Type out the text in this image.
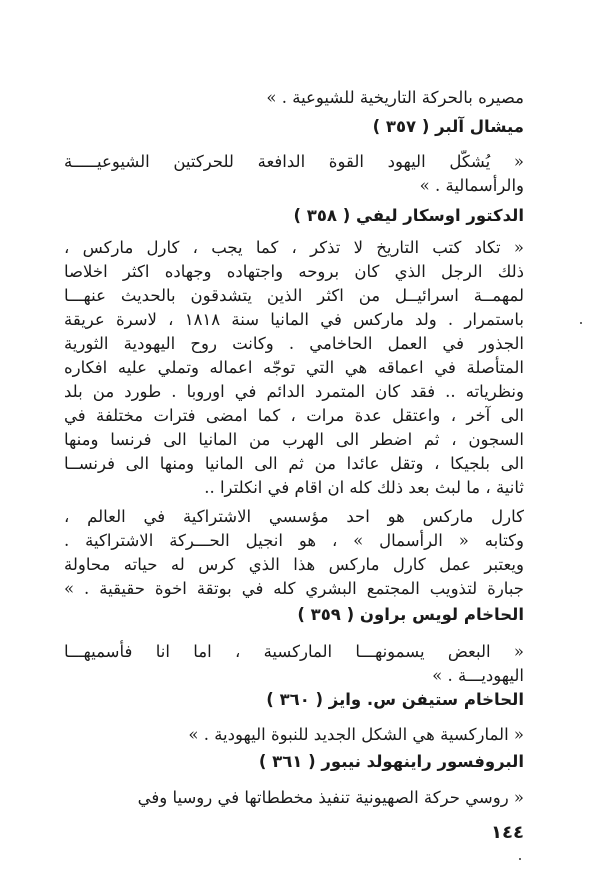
مصيره بالحركة التاريخية للشيوعية . »
ميشال آلبر ( ٣٥٧ )
« يُشكّل اليهود القوة الدافعة للحركتين الشيوعيـــــة
والرأسمالية . »
الدكتور اوسكار ليفي ( ٣٥٨ )
« تكاد كتب التاريخ لا تذكر ، كما يجب ، كارل ماركس ،
ذلك الرجل الذي كان بروحه واجتهاده وجهاده اكثر اخلاصا
لمهمــة اسرائيــل من اكثر الذين يتشدقون بالحديث عنهـــا
باستمرار . ولد ماركس في المانيا سنة ١٨١٨ ، لاسرة عريقة
الجذور في العمل الحاخامي . وكانت روح اليهودية الثورية
المتأصلة في اعماقه هي التي توجّه اعماله وتملي عليه افكاره
ونظرياته .. فقد كان المتمرد الدائم في اوروبا . طورد من بلد
الى آخر ، واعتقل عدة مرات ، كما امضى فترات مختلفة في
السجون ، ثم اضطر الى الهرب من المانيا الى فرنسا ومنها
الى بلجيكا ، وتقل عائدا من ثم الى المانيا ومنها الى فرنســا
ثانية ، ما لبث بعد ذلك كله ان اقام في انكلترا ..
كارل ماركس هو احد مؤسسي الاشتراكية في العالم ،
وكتابه « الرأسمال » ، هو انجيل الحـــركة الاشتراكية .
ويعتبر عمل كارل ماركس هذا الذي كرس له حياته محاولة
جبارة لتذويب المجتمع البشري كله في بوتقة اخوة حقيقية . »
الحاخام لويس براون ( ٣٥٩ )
« البعض يسمونهـــا الماركسية ، اما انا فأسميهـــا
اليهوديـــة . »
الحاخام ستيفن س. وايز ( ٣٦٠ )
« الماركسية هي الشكل الجديد للنبوة اليهودية . »
البروفسور راينهولد نيبور ( ٣٦١ )
« روسي حركة الصهيونية تنفيذ مخططاتها في روسيا وفي
١٤٤
